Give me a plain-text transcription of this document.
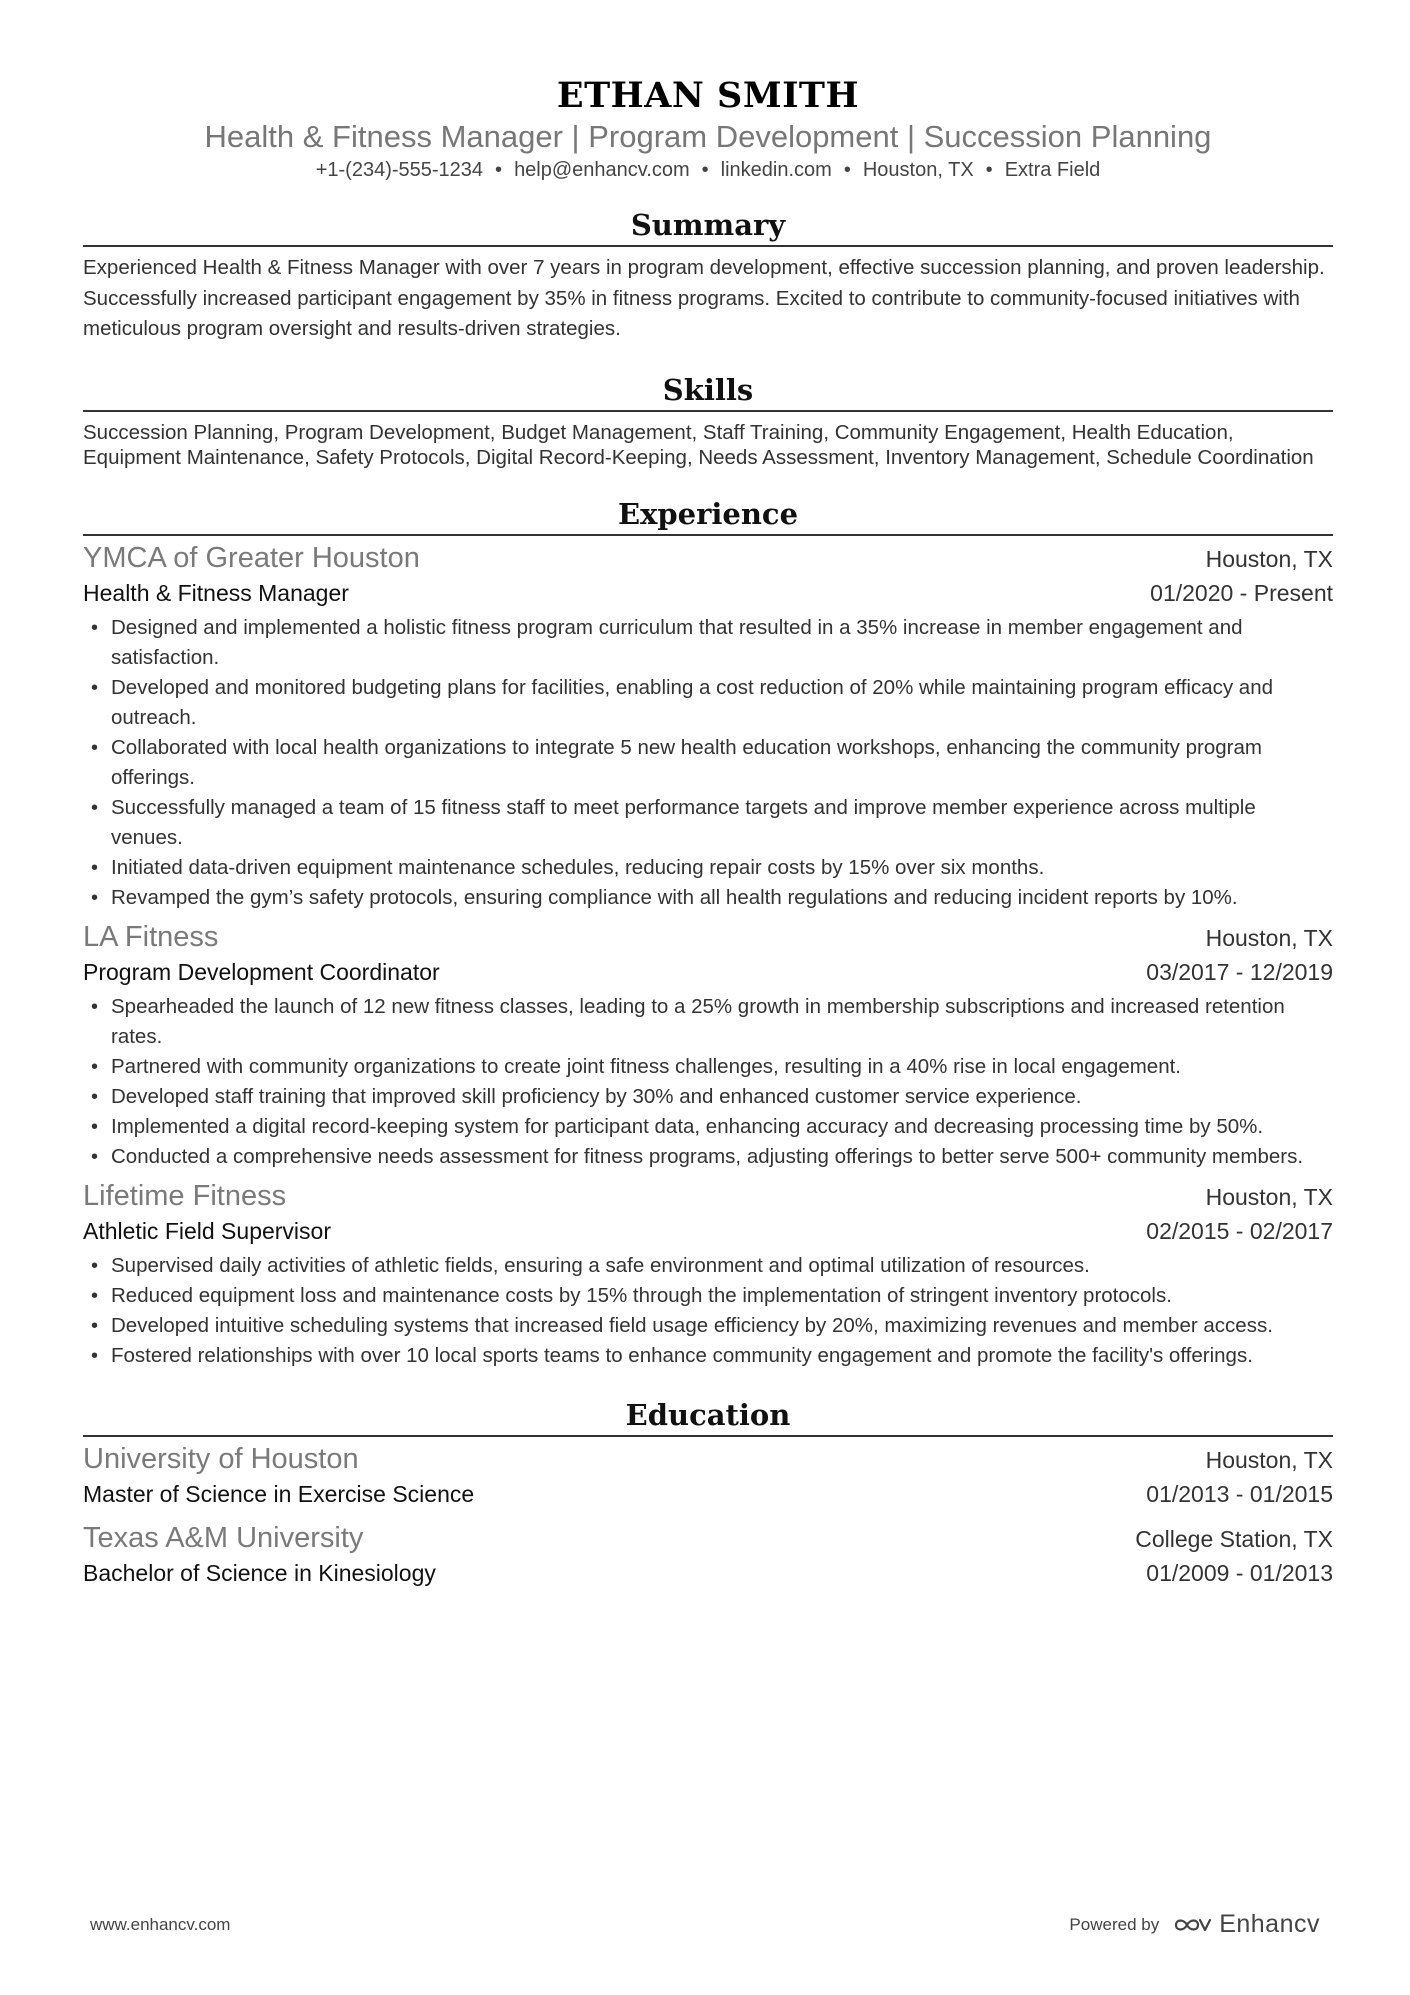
ETHAN SMITH
Health & Fitness Manager | Program Development | Succession Planning
+1-(234)-555-1234 • help@enhancv.com • linkedin.com • Houston, TX • Extra Field
Summary
Experienced Health & Fitness Manager with over 7 years in program development, effective succession planning, and proven leadership. Successfully increased participant engagement by 35% in fitness programs. Excited to contribute to community-focused initiatives with meticulous program oversight and results-driven strategies.
Skills
Succession Planning, Program Development, Budget Management, Staff Training, Community Engagement, Health Education, Equipment Maintenance, Safety Protocols, Digital Record-Keeping, Needs Assessment, Inventory Management, Schedule Coordination
Experience
YMCA of Greater Houston	Houston, TX
Health & Fitness Manager	01/2020 - Present
• Designed and implemented a holistic fitness program curriculum that resulted in a 35% increase in member engagement and satisfaction.
• Developed and monitored budgeting plans for facilities, enabling a cost reduction of 20% while maintaining program efficacy and outreach.
• Collaborated with local health organizations to integrate 5 new health education workshops, enhancing the community program offerings.
• Successfully managed a team of 15 fitness staff to meet performance targets and improve member experience across multiple venues.
• Initiated data-driven equipment maintenance schedules, reducing repair costs by 15% over six months.
• Revamped the gym’s safety protocols, ensuring compliance with all health regulations and reducing incident reports by 10%.
LA Fitness	Houston, TX
Program Development Coordinator	03/2017 - 12/2019
• Spearheaded the launch of 12 new fitness classes, leading to a 25% growth in membership subscriptions and increased retention rates.
• Partnered with community organizations to create joint fitness challenges, resulting in a 40% rise in local engagement.
• Developed staff training that improved skill proficiency by 30% and enhanced customer service experience.
• Implemented a digital record-keeping system for participant data, enhancing accuracy and decreasing processing time by 50%.
• Conducted a comprehensive needs assessment for fitness programs, adjusting offerings to better serve 500+ community members.
Lifetime Fitness	Houston, TX
Athletic Field Supervisor	02/2015 - 02/2017
• Supervised daily activities of athletic fields, ensuring a safe environment and optimal utilization of resources.
• Reduced equipment loss and maintenance costs by 15% through the implementation of stringent inventory protocols.
• Developed intuitive scheduling systems that increased field usage efficiency by 20%, maximizing revenues and member access.
• Fostered relationships with over 10 local sports teams to enhance community engagement and promote the facility's offerings.
Education
University of Houston	Houston, TX
Master of Science in Exercise Science	01/2013 - 01/2015
Texas A&M University	College Station, TX
Bachelor of Science in Kinesiology	01/2009 - 01/2013
www.enhancv.com	Powered by Enhancv
